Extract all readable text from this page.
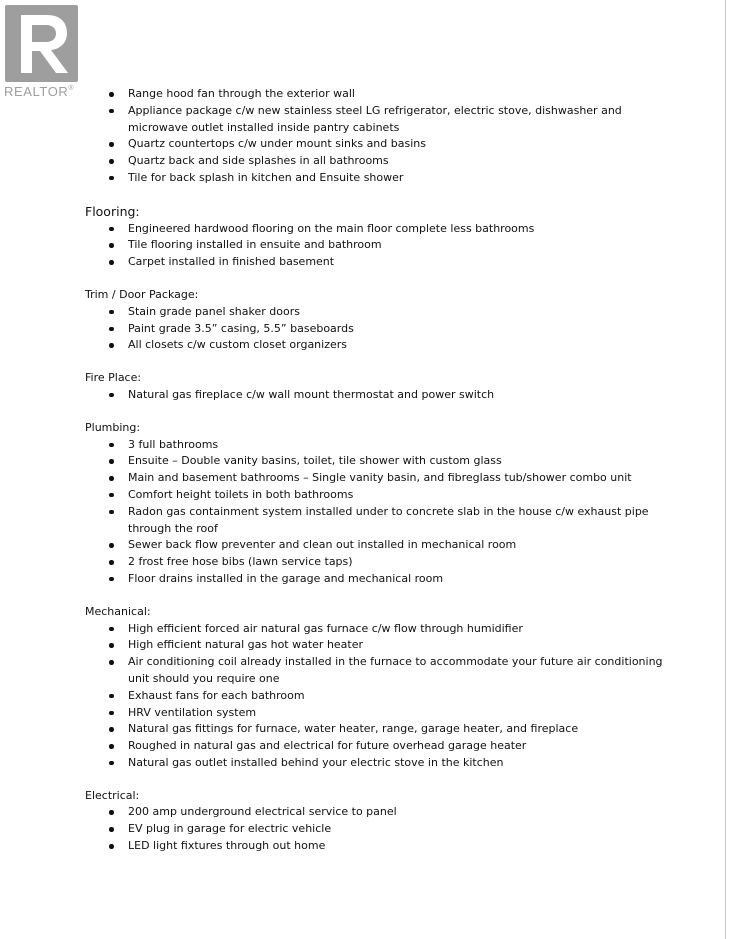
REALTOR®	Range hood fan through the exterior wall
Appliance package c/w new stainless steel LG refrigerator, electric stove, dishwasher and microwave outlet installed inside pantry cabinets
Quartz countertops c/w under mount sinks and basins
Quartz back and side splashes in all bathrooms
Tile for back splash in kitchen and Ensuite shower
Flooring:
Engineered hardwood flooring on the main floor complete less bathrooms
Tile flooring installed in ensuite and bathroom
Carpet installed in finished basement
Trim / Door Package:
Stain grade panel shaker doors
Paint grade 3.5” casing, 5.5” baseboards
All closets c/w custom closet organizers
Fire Place:
Natural gas fireplace c/w wall mount thermostat and power switch
Plumbing:
3 full bathrooms
Ensuite – Double vanity basins, toilet, tile shower with custom glass
Main and basement bathrooms – Single vanity basin, and fibreglass tub/shower combo unit
Comfort height toilets in both bathrooms
Radon gas containment system installed under to concrete slab in the house c/w exhaust pipe through the roof
Sewer back flow preventer and clean out installed in mechanical room
2 frost free hose bibs (lawn service taps)
Floor drains installed in the garage and mechanical room
Mechanical:
High efficient forced air natural gas furnace c/w flow through humidifier
High efficient natural gas hot water heater
Air conditioning coil already installed in the furnace to accommodate your future air conditioning unit should you require one
Exhaust fans for each bathroom
HRV ventilation system
Natural gas fittings for furnace, water heater, range, garage heater, and fireplace
Roughed in natural gas and electrical for future overhead garage heater
Natural gas outlet installed behind your electric stove in the kitchen
Electrical:
200 amp underground electrical service to panel
EV plug in garage for electric vehicle
LED light fixtures through out home
